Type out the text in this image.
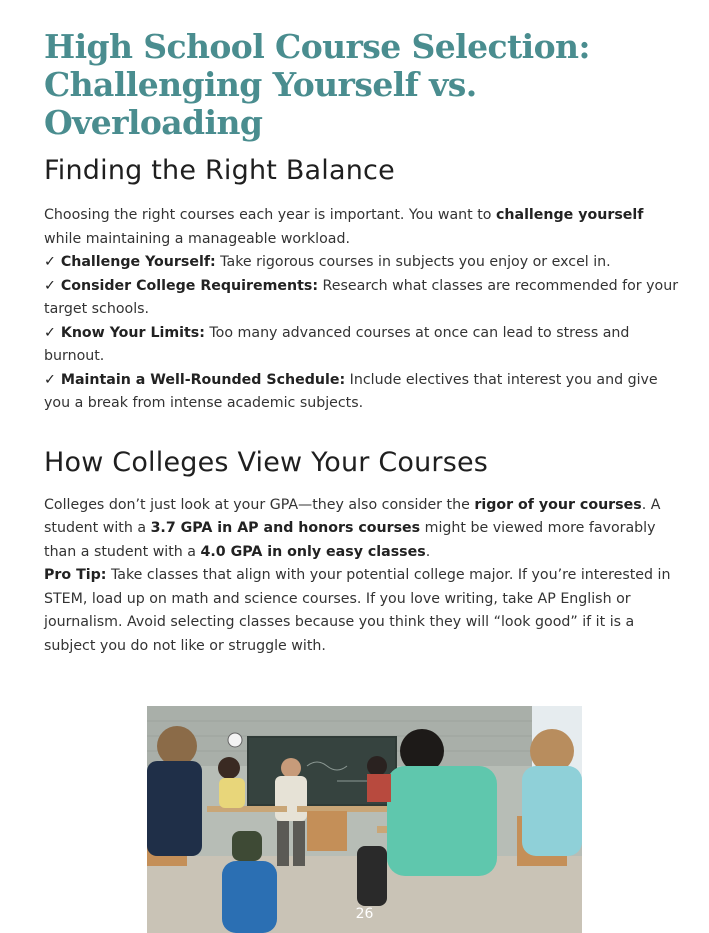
High School Course Selection:
Challenging Yourself vs. Overloading
Finding the Right Balance

Choosing the right courses each year is important. You want to challenge yourself while maintaining a manageable workload.

✓ Challenge Yourself: Take rigorous courses in subjects you enjoy or excel in.

✓ Consider College Requirements: Research what classes are recommended for your target schools.

✓ Know Your Limits: Too many advanced courses at once can lead to stress and burnout.

✓ Maintain a Well-Rounded Schedule: Include electives that interest you and give you a break from intense academic subjects.

How Colleges View Your Courses

Colleges don’t just look at your GPA—they also consider the rigor of your courses. A student with a 3.7 GPA in AP and honors courses might be viewed more favorably than a student with a 4.0 GPA in only easy classes.

Pro Tip: Take classes that align with your potential college major. If you’re interested in STEM, load up on math and science courses. If you love writing, take AP English or journalism. Avoid selecting classes because you think they will “look good” if it is a subject you do not like or struggle with.

26
